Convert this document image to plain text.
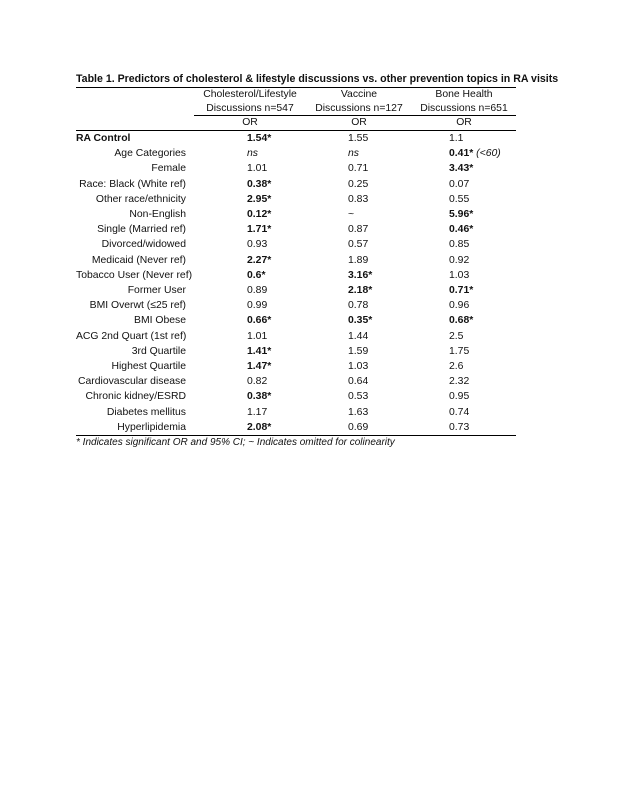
Table 1. Predictors of cholesterol & lifestyle discussions vs. other prevention topics in RA visits
	Cholesterol/Lifestyle	Vaccine	Bone Health
	Discussions n=547	Discussions n=127	Discussions n=651
	OR	OR	OR
RA Control	1.54*	1.55	1.1
Age Categories	ns	ns	0.41* (<60)
Female	1.01	0.71	3.43*
Race: Black (White ref)	0.38*	0.25	0.07
Other race/ethnicity	2.95*	0.83	0.55
Non-English	0.12*	~	5.96*
Single (Married ref)	1.71*	0.87	0.46*
Divorced/widowed	0.93	0.57	0.85
Medicaid (Never ref)	2.27*	1.89	0.92
Tobacco User (Never ref)	0.6*	3.16*	1.03
Former User	0.89	2.18*	0.71*
BMI Overwt (≤25 ref)	0.99	0.78	0.96
BMI Obese	0.66*	0.35*	0.68*
ACG 2nd Quart (1st ref)	1.01	1.44	2.5
3rd Quartile	1.41*	1.59	1.75
Highest Quartile	1.47*	1.03	2.6
Cardiovascular disease	0.82	0.64	2.32
Chronic kidney/ESRD	0.38*	0.53	0.95
Diabetes mellitus	1.17	1.63	0.74
Hyperlipidemia	2.08*	0.69	0.73
* Indicates significant OR and 95% CI; ~ Indicates omitted for colinearity
